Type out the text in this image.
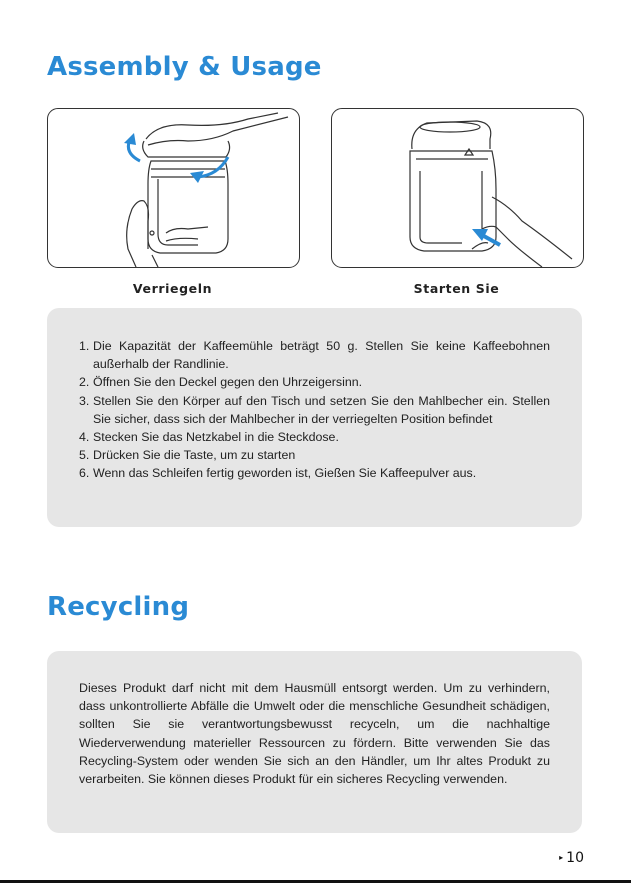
Assembly & Usage
Verriegeln	Starten Sie
1. Die Kapazität der Kaffeemühle beträgt 50 g. Stellen Sie keine Kaffeebohnen außerhalb der Randlinie.
2. Öffnen Sie den Deckel gegen den Uhrzeigersinn.
3. Stellen Sie den Körper auf den Tisch und setzen Sie den Mahlbecher ein. Stellen Sie sicher, dass sich der Mahlbecher in der verriegelten Position befindet
4. Stecken Sie das Netzkabel in die Steckdose.
5. Drücken Sie die Taste, um zu starten
6. Wenn das Schleifen fertig geworden ist, Gießen Sie Kaffeepulver aus.
Recycling

Dieses Produkt darf nicht mit dem Hausmüll entsorgt werden. Um zu verhindern, dass unkontrollierte Abfälle die Umwelt oder die menschliche Gesundheit schädigen, sollten Sie sie verantwortungsbewusst recyceln, um die nachhaltige Wiederverwendung materieller Ressourcen zu fördern. Bitte verwenden Sie das Recycling-System oder wenden Sie sich an den Händler, um Ihr altes Produkt zu verarbeiten. Sie können dieses Produkt für ein sicheres Recycling verwenden.

▸ 10
